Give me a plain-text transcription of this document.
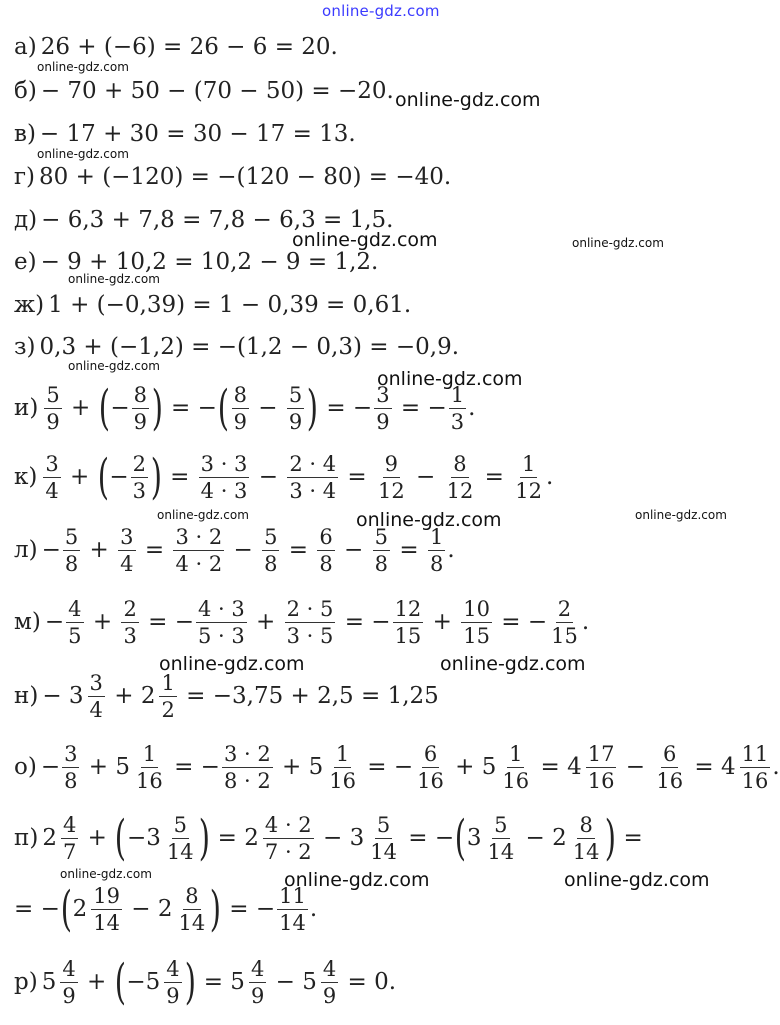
а) 26 + (−6) = 26 − 6 = 20.
б) − 70 + 50 − (70 − 50) = −20.
в) − 17 + 30 = 30 − 17 = 13.
г) 80 + (−120) = −(120 − 80) = −40.
д) − 6,3 + 7,8 = 7,8 − 6,3 = 1,5.
е) − 9 + 10,2 = 10,2 − 9 = 1,2.
ж) 1 + (−0,39) = 1 − 0,39 = 0,61.
з) 0,3 + (−1,2) = −(1,2 − 0,3) = −0,9.
$и) \frac{5}{9}$ + ( − $\frac{8}{9}$ ) = − ( $\frac{8}{9} - \frac{5}{9}$ ) = − $\frac{3}{9}$ = − $\frac{1}{3}$ .
$к) \frac{3}{4}$ + ( − $\frac{2}{3}$ ) = $\frac{3 \cdot 3}{4 \cdot 3} - \frac{2 \cdot 4}{3 \cdot 4} = \frac{9}{12} - \frac{8}{12} = \frac{1}{12}$ .
$л) - \frac{5}{8} + \frac{3}{4} = \frac{3 \cdot 2}{4 \cdot 2} - \frac{5}{8} = \frac{6}{8} - \frac{5}{8} = \frac{1}{8}$ .
$м) - \frac{4}{5} + \frac{2}{3}$ = − $\frac{4 \cdot 3}{5 \cdot 3} + \frac{2 \cdot 5}{3 \cdot 5}$ = − $\frac{12}{15} + \frac{10}{15}$ = − $\frac{2}{15}$ .
$н) - 3 \frac{3}{4} + 2 \frac{1}{2}$
= −3,75 + 2,5 = 1,25
$о) - \frac{3}{8} + 5 \frac{1}{16}$ = − $\frac{3 \cdot 2}{8 \cdot 2} + 5 \frac{1}{16}$ = − $\frac{6}{16} + 5 \frac{1}{16} = 4 \frac{17}{16} - \frac{6}{16} = 4 \frac{11}{16}$ .
п) $2 \frac{4}{7}$ + ( − $3 \frac{5}{14}$ ) = $2 \frac{4 \cdot 2}{7 \cdot 2} - 3 \frac{5}{14}$ = − ( $3 \frac{5}{14} - 2 \frac{8}{14}$ ) =
= − ( $2 \frac{19}{14} - 2 \frac{8}{14}$ ) = − $\frac{11}{14}$ .
р) $5 \frac{4}{9}$ + ( − $5 \frac{4}{9}$ ) = $5 \frac{4}{9} - 5 \frac{4}{9}$
= 0.
online-gdz.com
online-gdz.com
online-gdz.com
online-gdz.com
online-gdz.com	online-gdz.com
online-gdz.com
online-gdz.com
online-gdz.com
online-gdz.com	online-gdz.com	online-gdz.com
online-gdz.com	online-gdz.com
online-gdz.com	online-gdz.com	online-gdz.com
